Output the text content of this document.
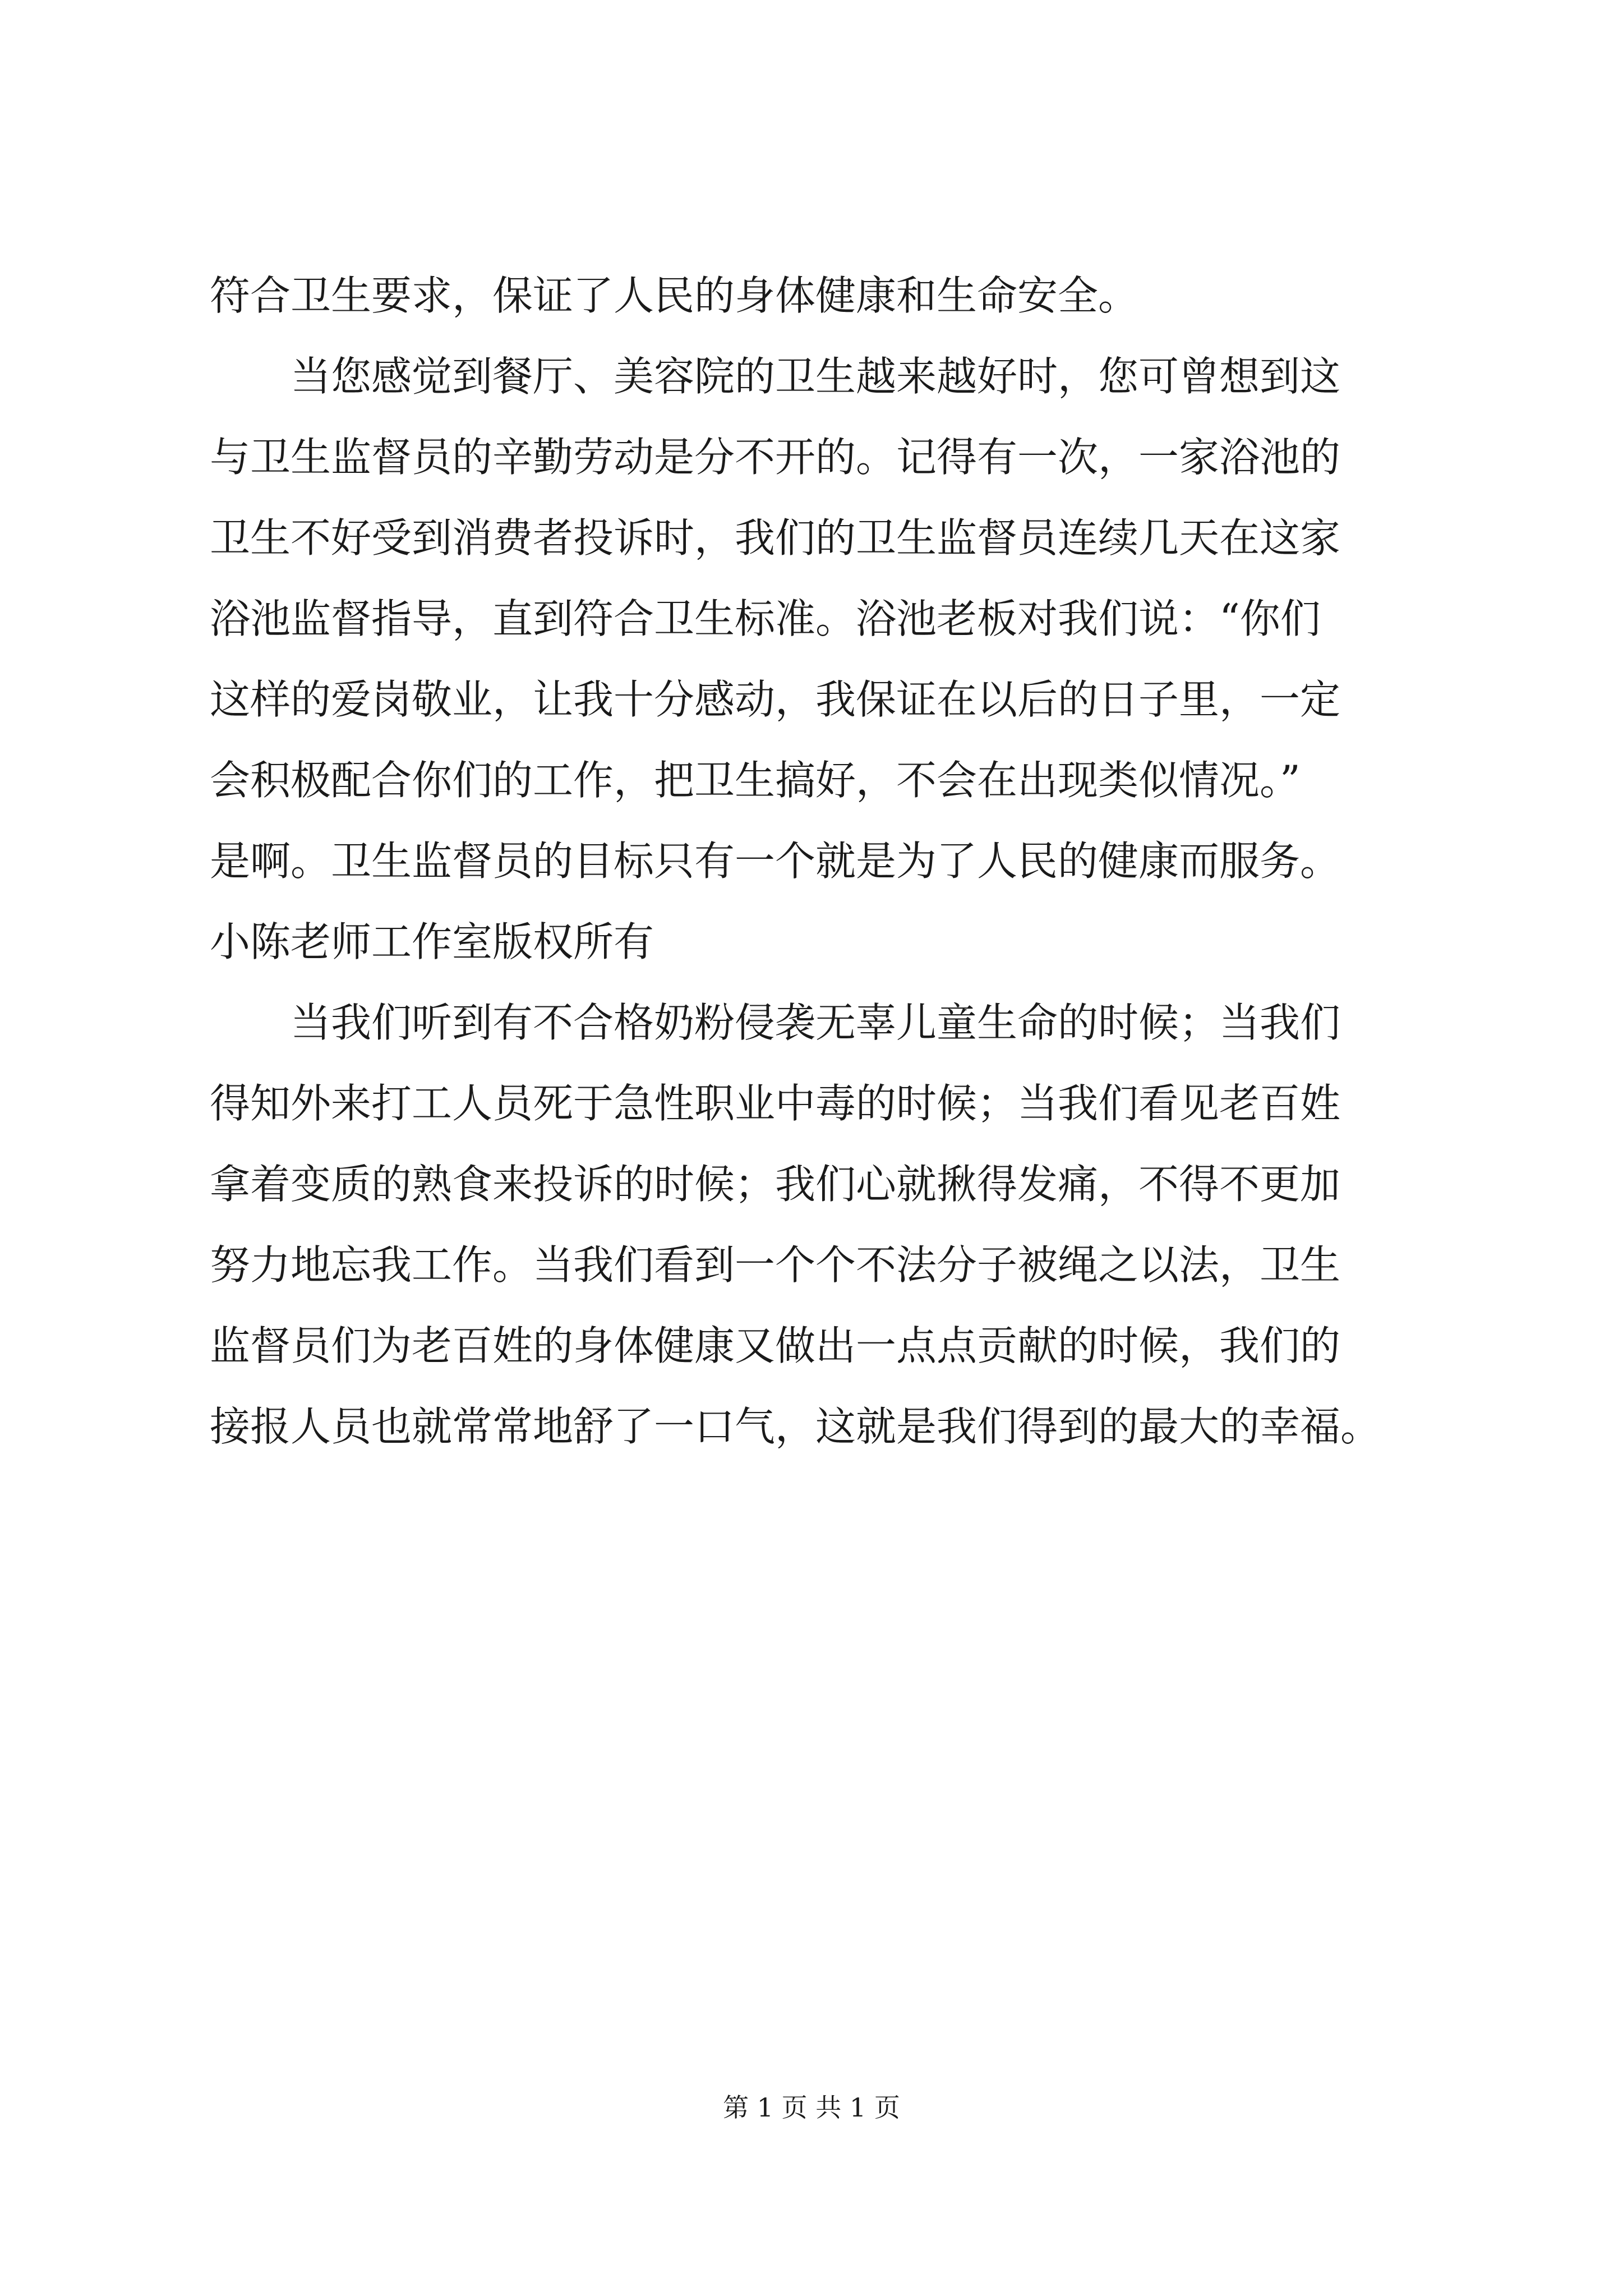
符合卫生要求，保证了人民的身体健康和生命安全。
　　当您感觉到餐厅、美容院的卫生越来越好时，您可曾想到这
与卫生监督员的辛勤劳动是分不开的。记得有一次，一家浴池的
卫生不好受到消费者投诉时，我们的卫生监督员连续几天在这家
浴池监督指导，直到符合卫生标准。浴池老板对我们说：“你们
这样的爱岗敬业，让我十分感动，我保证在以后的日子里，一定
会积极配合你们的工作，把卫生搞好，不会在出现类似情况。”
是啊。卫生监督员的目标只有一个就是为了人民的健康而服务。
小陈老师工作室版权所有
　　当我们听到有不合格奶粉侵袭无辜儿童生命的时候；当我们
得知外来打工人员死于急性职业中毒的时候；当我们看见老百姓
拿着变质的熟食来投诉的时候；我们心就揪得发痛，不得不更加
努力地忘我工作。当我们看到一个个不法分子被绳之以法，卫生
监督员们为老百姓的身体健康又做出一点点贡献的时候，我们的
接报人员也就常常地舒了一口气，这就是我们得到的最大的幸福。
第 1 页 共 1 页
